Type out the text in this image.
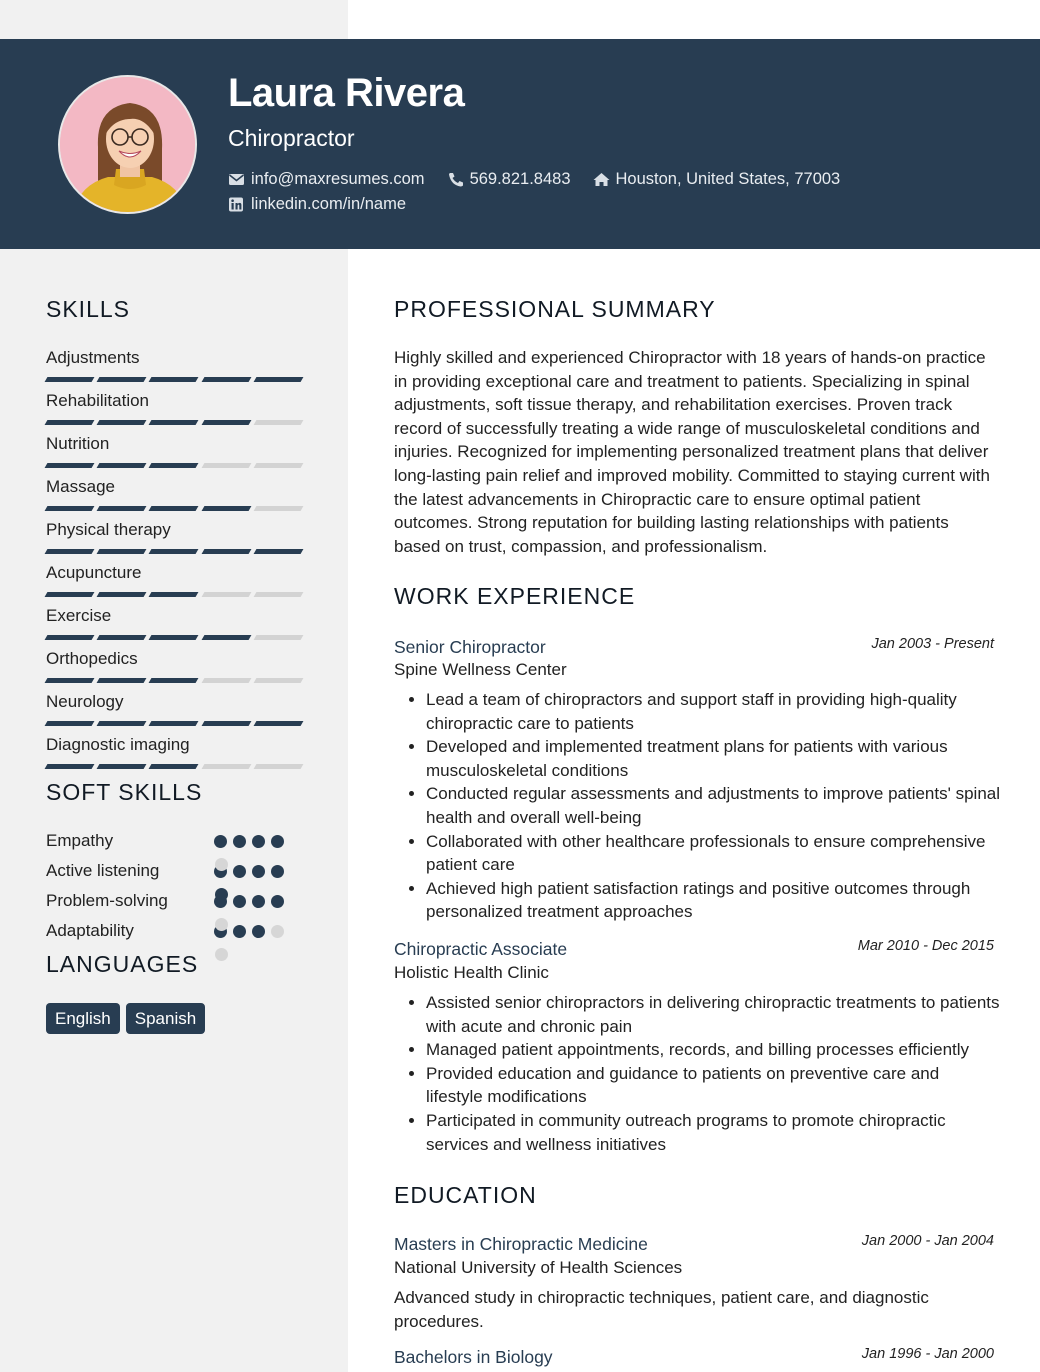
Laura Rivera
Chiropractor
info@maxresumes.com	569.821.8483	Houston, United States, 77003
linkedin.com/in/name
SKILLS
Adjustments
Rehabilitation
Nutrition
Massage
Physical therapy
Acupuncture
Exercise
Orthopedics
Neurology
Diagnostic imaging
SOFT SKILLS
Empathy
Active listening
Problem-solving
Adaptability
LANGUAGES
English	Spanish
PROFESSIONAL SUMMARY
Highly skilled and experienced Chiropractor with 18 years of hands-on practice in providing exceptional care and treatment to patients. Specializing in spinal adjustments, soft tissue therapy, and rehabilitation exercises. Proven track record of successfully treating a wide range of musculoskeletal conditions and injuries. Recognized for implementing personalized treatment plans that deliver long-lasting pain relief and improved mobility. Committed to staying current with the latest advancements in Chiropractic care to ensure optimal patient outcomes. Strong reputation for building lasting relationships with patients based on trust, compassion, and professionalism.
WORK EXPERIENCE
Senior Chiropractor	Jan 2003 - Present
Spine Wellness Center
• Lead a team of chiropractors and support staff in providing high-quality chiropractic care to patients
• Developed and implemented treatment plans for patients with various musculoskeletal conditions
• Conducted regular assessments and adjustments to improve patients' spinal health and overall well-being
• Collaborated with other healthcare professionals to ensure comprehensive patient care
• Achieved high patient satisfaction ratings and positive outcomes through personalized treatment approaches
Chiropractic Associate	Mar 2010 - Dec 2015
Holistic Health Clinic
• Assisted senior chiropractors in delivering chiropractic treatments to patients with acute and chronic pain
• Managed patient appointments, records, and billing processes efficiently
• Provided education and guidance to patients on preventive care and lifestyle modifications
• Participated in community outreach programs to promote chiropractic services and wellness initiatives
EDUCATION
Masters in Chiropractic Medicine	Jan 2000 - Jan 2004
National University of Health Sciences
Advanced study in chiropractic techniques, patient care, and diagnostic procedures.
Bachelors in Biology	Jan 1996 - Jan 2000
